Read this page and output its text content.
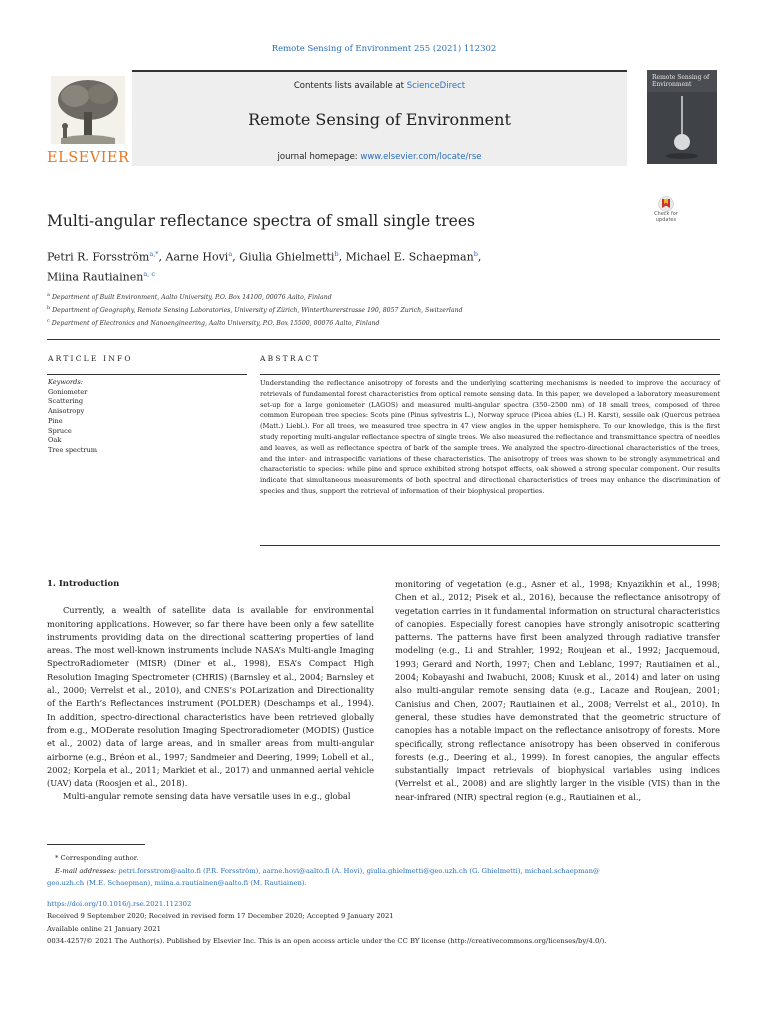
Remote Sensing of Environment 255 (2021) 112302
ELSEVIER
Contents lists available at ScienceDirect
Remote Sensing of Environment
journal homepage: www.elsevier.com/locate/rse
Remote Sensing of Environment
Multi-angular reflectance spectra of small single trees	Check for updates
Petri R. Forsström$^{a,*}$, Aarne Hovi$^a$, Giulia Ghielmetti$^b$, Michael E. Schaepman$^b$,
Miina Rautiainen$^{a, c}$
$^a$ Department of Built Environment, Aalto University, P.O. Box 14100, 00076 Aalto, Finland
$^b$ Department of Geography, Remote Sensing Laboratories, University of Zürich, Winterthurerstrasse 190, 8057 Zurich, Switzerland
$^c$ Department of Electronics and Nanoengineering, Aalto University, P.O. Box 15500, 00076 Aalto, Finland
ARTICLE INFO	ABSTRACT
Keywords:
Goniometer
Scattering
Anisotropy
Pine
Spruce
Oak
Tree spectrum
Understanding the reflectance anisotropy of forests and the underlying scattering mechanisms is needed to improve the accuracy of retrievals of fundamental forest characteristics from optical remote sensing data. In this paper, we developed a laboratory measurement set-up for a large goniometer (LAGOS) and measured multi-angular spectra (350–2500 nm) of 18 small trees, composed of three common European tree species: Scots pine (Pinus sylvestris L.), Norway spruce (Picea abies (L.) H. Karst), sessile oak (Quercus petraea (Matt.) Liebl.). For all trees, we measured tree spectra in 47 view angles in the upper hemisphere. To our knowledge, this is the first study reporting multi-angular reflectance spectra of single trees. We also measured the reflectance and transmittance spectra of needles and leaves, as well as reflectance spectra of bark of the sample trees. We analyzed the spectro-directional characteristics of the trees, and the inter- and intraspecific variations of these characteristics. The anisotropy of trees was shown to be strongly asymmetrical and characteristic to species: while pine and spruce exhibited strong hotspot effects, oak showed a strong specular component. Our results indicate that simultaneous measurements of both spectral and directional characteristics of trees may enhance the discrimination of species and thus, support the retrieval of information of their biophysical properties.
1. Introduction

Currently, a wealth of satellite data is available for environmental monitoring applications. However, so far there have been only a few satellite instruments providing data on the directional scattering properties of land areas. The most well-known instruments include NASA’s Multi-angle Imaging SpectroRadiometer (MISR) (Diner et al., 1998), ESA’s Compact High Resolution Imaging Spectrometer (CHRIS) (Barnsley et al., 2004; Barnsley et al., 2000; Verrelst et al., 2010), and CNES’s POLarization and Directionality of the Earth’s Reflectances instrument (POLDER) (Deschamps et al., 1994). In addition, spectro-directional characteristics have been retrieved globally from e.g., MODerate resolution Imaging Spectroradiometer (MODIS) (Justice et al., 2002) data of large areas, and in smaller areas from multi-angular airborne (e.g., Bréon et al., 1997; Sandmeier and Deering, 1999; Lobell et al., 2002; Korpela et al., 2011; Markiet et al., 2017) and unmanned aerial vehicle (UAV) data (Roosjen et al., 2018).

Multi-angular remote sensing data have versatile uses in e.g., global

monitoring of vegetation (e.g., Asner et al., 1998; Knyazikhin et al., 1998; Chen et al., 2012; Pisek et al., 2016), because the reflectance anisotropy of vegetation carries in it fundamental information on structural characteristics of canopies. Especially forest canopies have strongly anisotropic scattering patterns. The patterns have first been analyzed through radiative transfer modeling (e.g., Li and Strahler, 1992; Roujean et al., 1992; Jacquemoud, 1993; Gerard and North, 1997; Chen and Leblanc, 1997; Rautiainen et al., 2004; Kobayashi and Iwabuchi, 2008; Kuusk et al., 2014) and later on using also multi-angular remote sensing data (e.g., Lacaze and Roujean, 2001; Canisius and Chen, 2007; Rautiainen et al., 2008; Verrelst et al., 2010). In general, these studies have demonstrated that the geometric structure of canopies has a notable impact on the reflectance anisotropy of forests. More specifically, strong reflectance anisotropy has been observed in coniferous forests (e.g., Deering et al., 1999). In forest canopies, the angular effects substantially impact retrievals of biophysical variables using indices (Verrelst et al., 2008) and are slightly larger in the visible (VIS) than in the near-infrared (NIR) spectral region (e.g., Rautiainen et al.,

* Corresponding author.
E-mail addresses: petri.forsstrom@aalto.fi (P.R. Forsström), aarne.hovi@aalto.fi (A. Hovi), giulia.ghielmetti@geo.uzh.ch (G. Ghielmetti), michael.schaepman@
geo.uzh.ch (M.E. Schaepman), miina.a.rautiainen@aalto.fi (M. Rautiainen).
https://doi.org/10.1016/j.rse.2021.112302
Received 9 September 2020; Received in revised form 17 December 2020; Accepted 9 January 2021
Available online 21 January 2021
0034-4257/© 2021 The Author(s). Published by Elsevier Inc. This is an open access article under the CC BY license (http://creativecommons.org/licenses/by/4.0/).
